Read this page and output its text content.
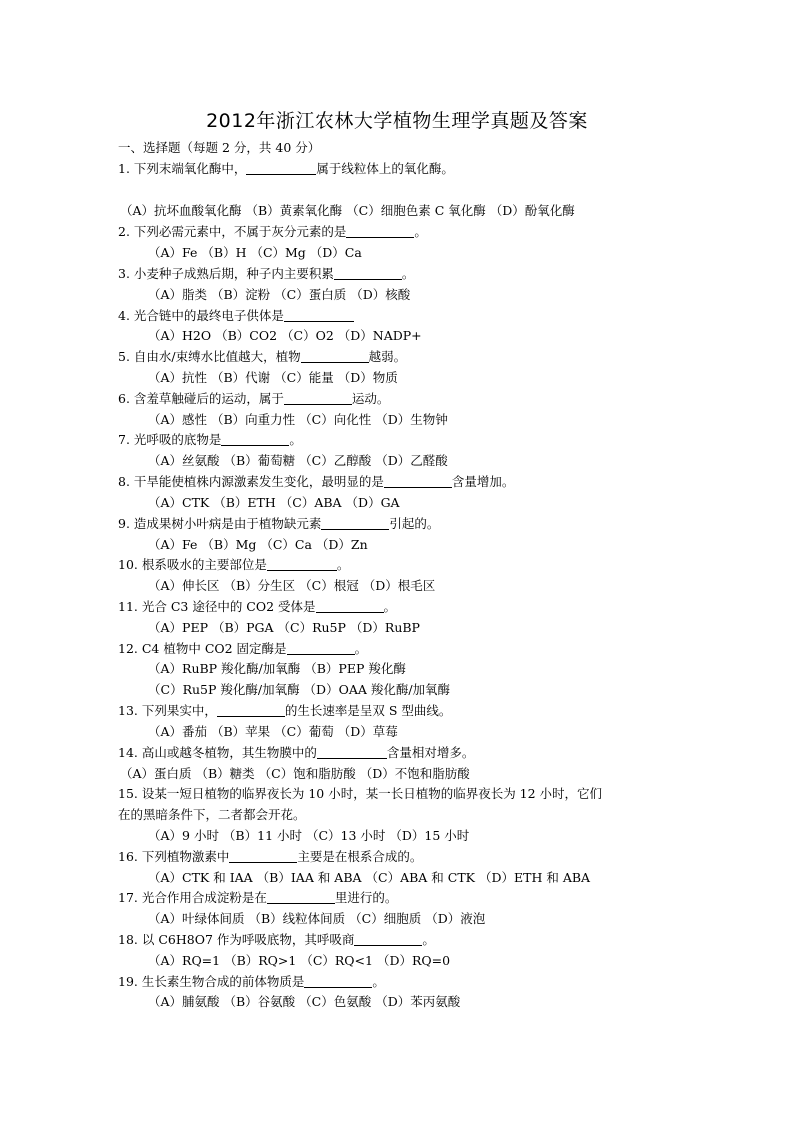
2012年浙江农林大学植物生理学真题及答案
一、选择题（每题 2 分，共 40 分）
1. 下列末端氧化酶中，	属于线粒体上的氧化酶。
（A）抗坏血酸氧化酶 （B）黄素氧化酶 （C）细胞色素 C 氧化酶 （D）酚氧化酶
2. 下列必需元素中，不属于灰分元素的是	。
（A）Fe （B）H （C）Mg （D）Ca
3. 小麦种子成熟后期，种子内主要积累	。
（A）脂类 （B）淀粉 （C）蛋白质 （D）核酸
4. 光合链中的最终电子供体是
（A）H2O （B）CO2 （C）O2 （D）NADP+
5. 自由水/束缚水比值越大，植物	越弱。
（A）抗性 （B）代谢 （C）能量 （D）物质
6. 含羞草触碰后的运动，属于	运动。
（A）感性 （B）向重力性 （C）向化性 （D）生物钟
7. 光呼吸的底物是	。
（A）丝氨酸 （B）葡萄糖 （C）乙醇酸 （D）乙醛酸
8. 干旱能使植株内源激素发生变化，最明显的是	含量增加。
（A）CTK （B）ETH （C）ABA （D）GA
9. 造成果树小叶病是由于植物缺元素	引起的。
（A）Fe （B）Mg （C）Ca （D）Zn
10. 根系吸水的主要部位是	。
（A）伸长区 （B）分生区 （C）根冠 （D）根毛区
11. 光合 C3 途径中的 CO2 受体是	。
（A）PEP （B）PGA （C）Ru5P （D）RuBP
12. C4 植物中 CO2 固定酶是	。
（A）RuBP 羧化酶/加氧酶 （B）PEP 羧化酶
（C）Ru5P 羧化酶/加氧酶 （D）OAA 羧化酶/加氧酶
13. 下列果实中，	的生长速率是呈双 S 型曲线。
（A）番茄 （B）苹果 （C）葡萄 （D）草莓
14. 高山或越冬植物，其生物膜中的	含量相对增多。
（A）蛋白质 （B）糖类 （C）饱和脂肪酸 （D）不饱和脂肪酸
15. 设某一短日植物的临界夜长为 10 小时，某一长日植物的临界夜长为 12 小时，它们
在的黑暗条件下，二者都会开花。
（A）9 小时 （B）11 小时 （C）13 小时 （D）15 小时
16. 下列植物激素中	主要是在根系合成的。
（A）CTK 和 IAA （B）IAA 和 ABA （C）ABA 和 CTK （D）ETH 和 ABA
17. 光合作用合成淀粉是在	里进行的。
（A）叶绿体间质 （B）线粒体间质 （C）细胞质 （D）液泡
18. 以 C6H8O7 作为呼吸底物，其呼吸商	。
（A）RQ=1 （B）RQ>1 （C）RQ<1 （D）RQ=0
19. 生长素生物合成的前体物质是	。
（A）脯氨酸 （B）谷氨酸 （C）色氨酸 （D）苯丙氨酸
